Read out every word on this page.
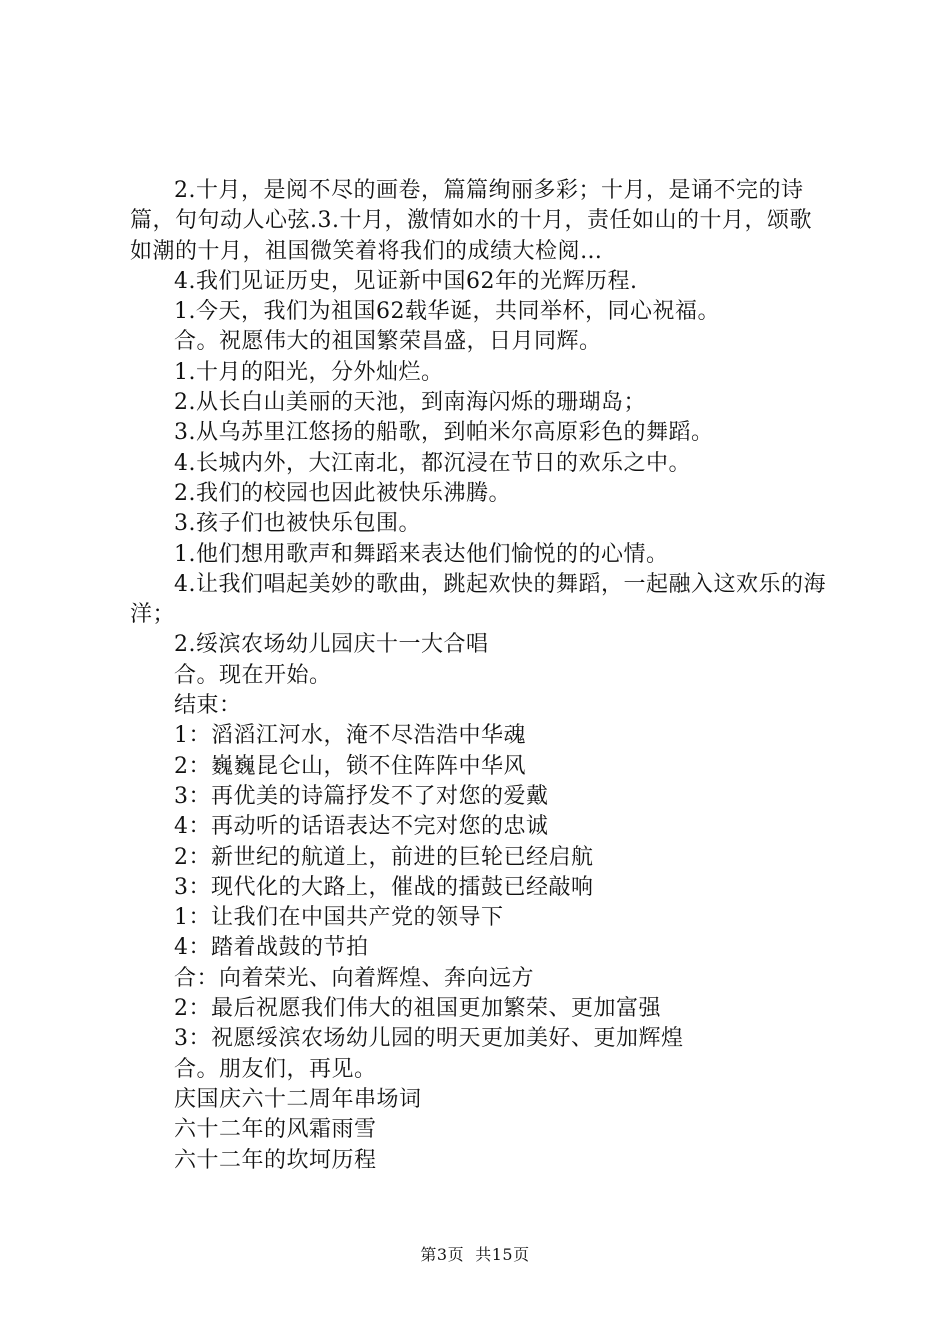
2.十月，是阅不尽的画卷，篇篇绚丽多彩；十月，是诵不完的诗篇，句句动人心弦.3.十月，激情如水的十月，责任如山的十月，颂歌如潮的十月，祖国微笑着将我们的成绩大检阅…

4.我们见证历史，见证新中国62年的光辉历程.

1.今天，我们为祖国62载华诞，共同举杯，同心祝福。

合。祝愿伟大的祖国繁荣昌盛，日月同辉。

1.十月的阳光，分外灿烂。

2.从长白山美丽的天池，到南海闪烁的珊瑚岛；

3.从乌苏里江悠扬的船歌，到帕米尔高原彩色的舞蹈。

4.长城内外，大江南北，都沉浸在节日的欢乐之中。

2.我们的校园也因此被快乐沸腾。

3.孩子们也被快乐包围。

1.他们想用歌声和舞蹈来表达他们愉悦的的心情。

4.让我们唱起美妙的歌曲，跳起欢快的舞蹈，一起融入这欢乐的海洋；

2.绥滨农场幼儿园庆十一大合唱

合。现在开始。

结束：

1：滔滔江河水，淹不尽浩浩中华魂

2：巍巍昆仑山，锁不住阵阵中华风

3：再优美的诗篇抒发不了对您的爱戴

4：再动听的话语表达不完对您的忠诚

2：新世纪的航道上，前进的巨轮已经启航

3：现代化的大路上，催战的擂鼓已经敲响

1：让我们在中国共产党的领导下

4：踏着战鼓的节拍

合：向着荣光、向着辉煌、奔向远方

2：最后祝愿我们伟大的祖国更加繁荣、更加富强

3：祝愿绥滨农场幼儿园的明天更加美好、更加辉煌

合。朋友们，再见。

庆国庆六十二周年串场词

六十二年的风霜雨雪

六十二年的坎坷历程

第3页  共15页
